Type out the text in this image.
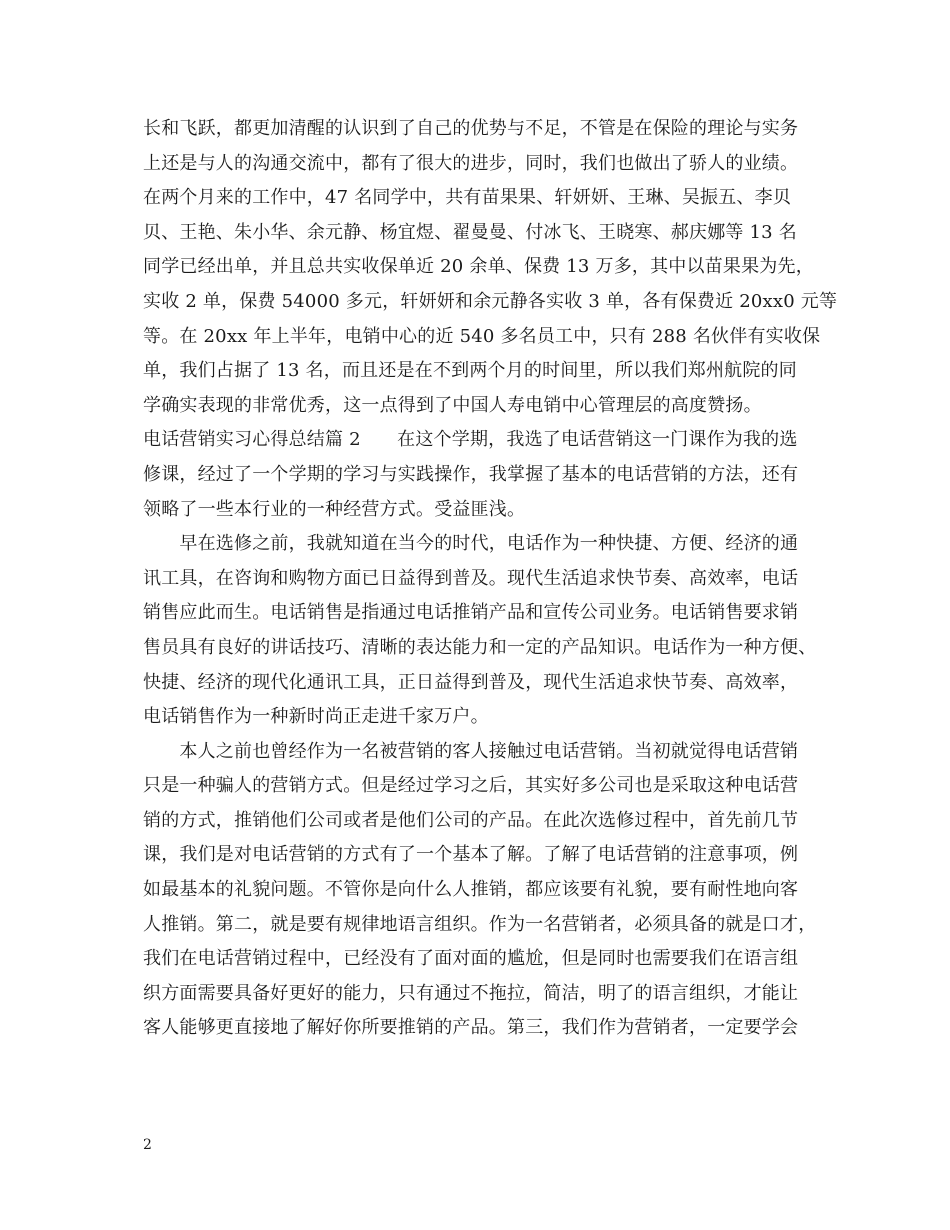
长和飞跃，都更加清醒的认识到了自己的优势与不足，不管是在保险的理论与实务
上还是与人的沟通交流中，都有了很大的进步，同时，我们也做出了骄人的业绩。
在两个月来的工作中，47 名同学中，共有苗果果、轩妍妍、王琳、吴振五、李贝
贝、王艳、朱小华、余元静、杨宜煜、翟曼曼、付冰飞、王晓寒、郝庆娜等 13 名
同学已经出单，并且总共实收保单近 20 余单、保费 13 万多，其中以苗果果为先，
实收 2 单，保费 54000 多元，轩妍妍和余元静各实收 3 单，各有保费近 20xx0 元等
等。在 20xx 年上半年，电销中心的近 540 多名员工中，只有 288 名伙伴有实收保
单，我们占据了 13 名，而且还是在不到两个月的时间里，所以我们郑州航院的同
学确实表现的非常优秀，这一点得到了中国人寿电销中心管理层的高度赞扬。
电话营销实习心得总结篇 2　　在这个学期，我选了电话营销这一门课作为我的选
修课，经过了一个学期的学习与实践操作，我掌握了基本的电话营销的方法，还有
领略了一些本行业的一种经营方式。受益匪浅。
　　早在选修之前，我就知道在当今的时代，电话作为一种快捷、方便、经济的通
讯工具，在咨询和购物方面已日益得到普及。现代生活追求快节奏、高效率，电话
销售应此而生。电话销售是指通过电话推销产品和宣传公司业务。电话销售要求销
售员具有良好的讲话技巧、清晰的表达能力和一定的产品知识。电话作为一种方便、
快捷、经济的现代化通讯工具，正日益得到普及，现代生活追求快节奏、高效率，
电话销售作为一种新时尚正走进千家万户。
　　本人之前也曾经作为一名被营销的客人接触过电话营销。当初就觉得电话营销
只是一种骗人的营销方式。但是经过学习之后，其实好多公司也是采取这种电话营
销的方式，推销他们公司或者是他们公司的产品。在此次选修过程中，首先前几节
课，我们是对电话营销的方式有了一个基本了解。了解了电话营销的注意事项，例
如最基本的礼貌问题。不管你是向什么人推销，都应该要有礼貌，要有耐性地向客
人推销。第二，就是要有规律地语言组织。作为一名营销者，必须具备的就是口才，
我们在电话营销过程中，已经没有了面对面的尴尬，但是同时也需要我们在语言组
织方面需要具备好更好的能力，只有通过不拖拉，简洁，明了的语言组织，才能让
客人能够更直接地了解好你所要推销的产品。第三，我们作为营销者，一定要学会
2
